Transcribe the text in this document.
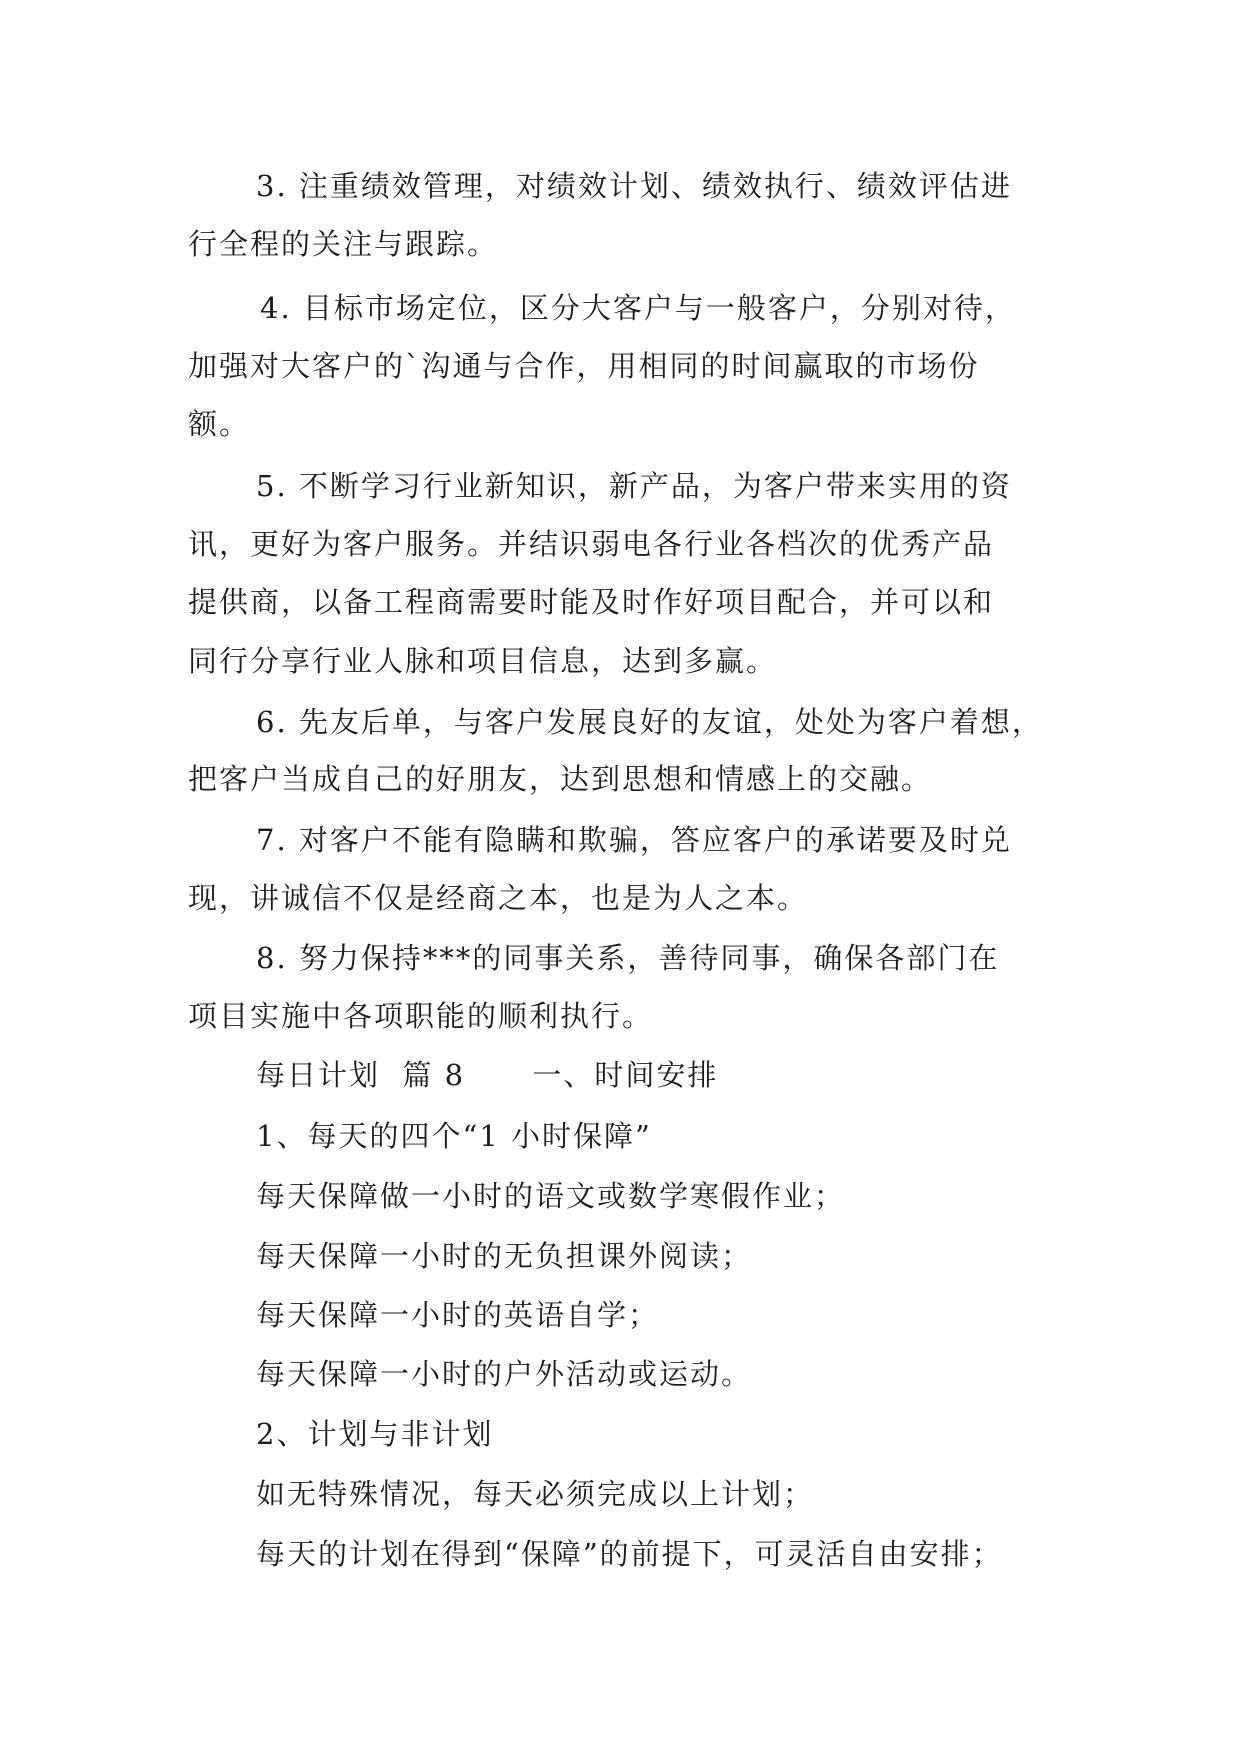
3. 注重绩效管理，对绩效计划、绩效执行、绩效评估进
行全程的关注与跟踪。
4. 目标市场定位，区分大客户与一般客户，分别对待，
加强对大客户的`沟通与合作，用相同的时间赢取的市场份
额。
5. 不断学习行业新知识，新产品，为客户带来实用的资
讯，更好为客户服务。并结识弱电各行业各档次的优秀产品
提供商，以备工程商需要时能及时作好项目配合，并可以和
同行分享行业人脉和项目信息，达到多赢。
6. 先友后单，与客户发展良好的友谊，处处为客户着想，
把客户当成自己的好朋友，达到思想和情感上的交融。
7. 对客户不能有隐瞒和欺骗，答应客户的承诺要及时兑
现，讲诚信不仅是经商之本，也是为人之本。
8. 努力保持***的同事关系，善待同事，确保各部门在
项目实施中各项职能的顺利执行。
每日计划  篇 8      一、时间安排
1、每天的四个“1 小时保障”
每天保障做一小时的语文或数学寒假作业；
每天保障一小时的无负担课外阅读；
每天保障一小时的英语自学；
每天保障一小时的户外活动或运动。
2、计划与非计划
如无特殊情况，每天必须完成以上计划；
每天的计划在得到“保障”的前提下，可灵活自由安排；
